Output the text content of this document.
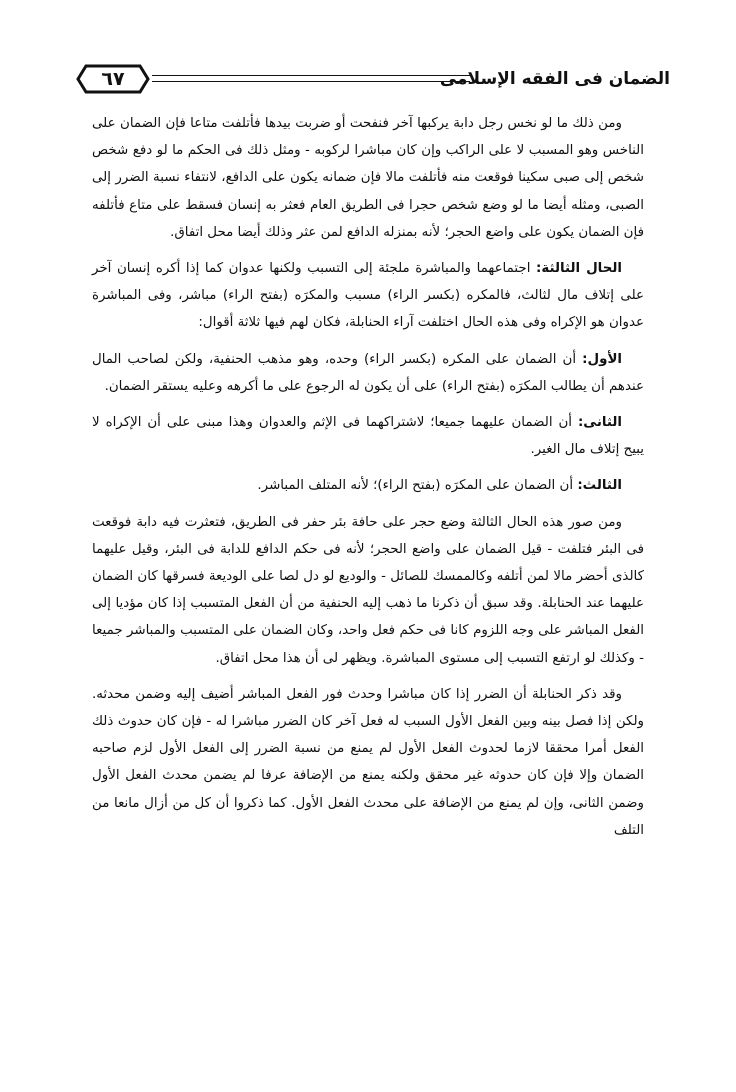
الضمان فى الفقه الإسلامى
٦٧

ومن ذلك ما لو نخس رجل دابة يركبها آخر فنفحت أو ضربت بيدها فأتلفت متاعا فإن الضمان على الناخس وهو المسبب لا على الراكب وإن كان مباشرا لركوبه - ومثل ذلك فى الحكم ما لو دفع شخص شخص إلى صبى سكينا فوقعت منه فأتلفت مالا فإن ضمانه يكون على الدافع، لانتفاء نسبة الضرر إلى الصبى، ومثله أيضا ما لو وضع شخص حجرا فى الطريق العام فعثر به إنسان فسقط على متاع فأتلفه فإن الضمان يكون على واضع الحجر؛ لأنه بمنزله الدافع لمن عثر وذلك أيضا محل اتفاق.

الحال الثالثة: اجتماعهما والمباشرة ملجئة إلى التسبب ولكنها عدوان كما إذا أكره إنسان آخر على إتلاف مال لثالث، فالمكره (بكسر الراء) مسبب والمكرَه (بفتح الراء) مباشر، وفى المباشرة عدوان هو الإكراه وفى هذه الحال اختلفت آراء الحنابلة، فكان لهم فيها ثلاثة أقوال:

الأول: أن الضمان على المكره (بكسر الراء) وحده، وهو مذهب الحنفية، ولكن لصاحب المال عندهم أن يطالب المكرَه (بفتح الراء) على أن يكون له الرجوع على ما أكرهه وعليه يستقر الضمان.

الثانى: أن الضمان عليهما جميعا؛ لاشتراكهما فى الإثم والعدوان وهذا مبنى على أن الإكراه لا يبيح إتلاف مال الغير.

الثالث: أن الضمان على المكرَه (بفتح الراء)؛ لأنه المتلف المباشر.

ومن صور هذه الحال الثالثة وضع حجر على حافة بئر حفر فى الطريق، فتعثرت فيه دابة فوقعت فى البئر فتلفت - قيل الضمان على واضع الحجر؛ لأنه فى حكم الدافع للدابة فى البئر، وقيل عليهما كالذى أحضر مالا لمن أتلفه وكالممسك للصائل - والوديع لو دل لصا على الوديعة فسرقها كان الضمان عليهما عند الحنابلة. وقد سبق أن ذكرنا ما ذهب إليه الحنفية من أن الفعل المتسبب إذا كان مؤديا إلى الفعل المباشر على وجه اللزوم كانا فى حكم فعل واحد، وكان الضمان على المتسبب والمباشر جميعا - وكذلك لو ارتفع التسبب إلى مستوى المباشرة. ويظهر لى أن هذا محل اتفاق.

وقد ذكر الحنابلة أن الضرر إذا كان مباشرا وحدث فور الفعل المباشر أضيف إليه وضمن محدثه. ولكن إذا فصل بينه وبين الفعل الأول السبب له فعل آخر كان الضرر مباشرا له - فإن كان حدوث ذلك الفعل أمرا محققا لازما لحدوث الفعل الأول لم يمنع من نسبة الضرر إلى الفعل الأول لزم صاحبه الضمان وإلا فإن كان حدوثه غير محقق ولكنه يمنع من الإضافة عرفا لم يضمن محدث الفعل الأول وضمن الثانى، وإن لم يمنع من الإضافة على محدث الفعل الأول. كما ذكروا أن كل من أزال مانعا من التلف
